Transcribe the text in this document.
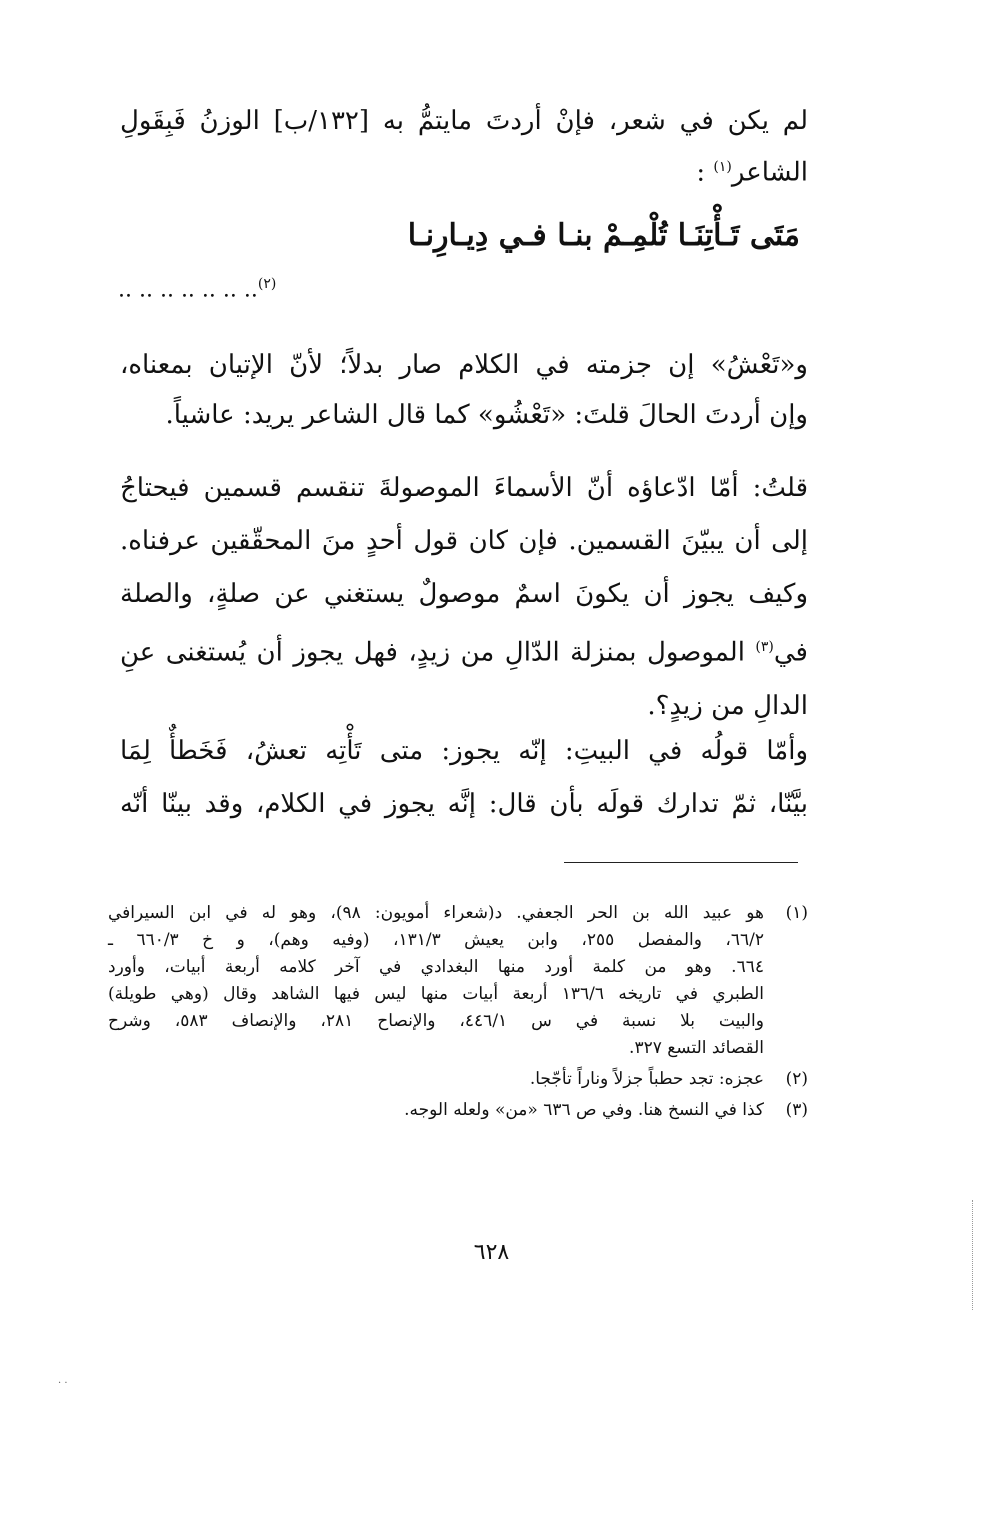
لم يكن في شعر، فإنْ أردتَ مايتمُّ به [١٣٢/ب] الوزنُ فَبِقَولِ
الشاعر$^{(١)}$ :
مَتَى تَـأْتِنَـا تُلْمِـمْ بنـا فـي دِيـارِنـا
$^{(٢)}$.. .. .. .. .. .. ..
و«تَعْشُ» إن جزمته في الكلام صار بدلاً؛ لأنّ الإتيان بمعناه،
وإن أردتَ الحالَ قلتَ: «تَعْشُو» كما قال الشاعر يريد: عاشياً.
قلتُ: أمّا ادّعاؤه أنّ الأسماءَ الموصولةَ تنقسم قسمين فيحتاجُ
إلى أن يبيّنَ القسمين. فإن كان قول أحدٍ منَ المحقّقين عرفناه.
وكيف يجوز أن يكونَ اسمٌ موصولٌ يستغني عن صلةٍ، والصلة
في$^{(٣)}$ الموصول بمنزلة الدّالِ من زيدٍ، فهل يجوز أن يُستغنى عنِ
الدالِ من زيدٍ؟.
وأمّا قولُه في البيتِ: إنّه يجوز: متى تَأْتِه تعشُ، فَخَطأٌ لِمَا
بيَّنّا، ثمّ تدارك قولَه بأن قال: إنَّه يجوز في الكلام، وقد بينّا أنّه
(١)
هو عبيد الله بن الحر الجعفي. د(شعراء أمويون: ٩٨)، وهو له في ابن السيرافي
٦٦/٢، والمفصل ٢٥٥، وابن يعيش ١٣١/٣، (وفيه وهم)، و خ ٦٦٠/٣ ـ
٦٦٤. وهو من كلمة أورد منها البغدادي في آخر كلامه أربعة أبيات، وأورد
الطبري في تاريخه ١٣٦/٦ أربعة أبيات منها ليس فيها الشاهد وقال (وهي طويلة)
والبيت بلا نسبة في س ٤٤٦/١، والإنصاح ٢٨١، والإنصاف ٥٨٣، وشرح
القصائد التسع ٣٢٧.
(٢)
عجزه: تجد حطباً جزلاً وناراً تأجّجا.
(٣)
كذا في النسخ هنا. وفي ص ٦٣٦ «من» ولعله الوجه.
٦٢٨
· ·
